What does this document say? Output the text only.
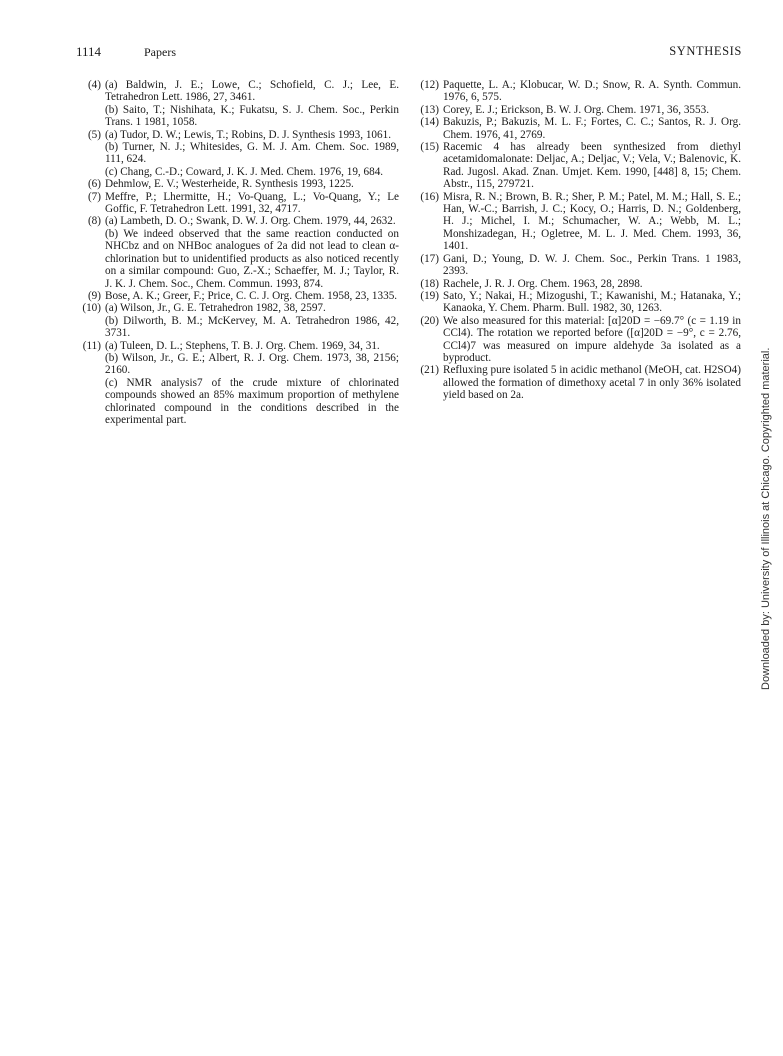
1114	Papers	SYNTHESIS
(4) (a) Baldwin, J. E.; Lowe, C.; Schofield, C. J.; Lee, E. Tetrahedron Lett. 1986, 27, 3461.

(b) Saito, T.; Nishihata, K.; Fukatsu, S. J. Chem. Soc., Perkin Trans. 1 1981, 1058.

(5) (a) Tudor, D. W.; Lewis, T.; Robins, D. J. Synthesis 1993, 1061.

(b) Turner, N. J.; Whitesides, G. M. J. Am. Chem. Soc. 1989, 111, 624.

(c) Chang, C.-D.; Coward, J. K. J. Med. Chem. 1976, 19, 684.

(6) Dehmlow, E. V.; Westerheide, R. Synthesis 1993, 1225.

(7) Meffre, P.; Lhermitte, H.; Vo-Quang, L.; Vo-Quang, Y.; Le Goffic, F. Tetrahedron Lett. 1991, 32, 4717.

(8) (a) Lambeth, D. O.; Swank, D. W. J. Org. Chem. 1979, 44, 2632.

(b) We indeed observed that the same reaction conducted on NHCbz and on NHBoc analogues of 2a did not lead to clean α-chlorination but to unidentified products as also noticed recently on a similar compound: Guo, Z.-X.; Schaeffer, M. J.; Taylor, R. J. K. J. Chem. Soc., Chem. Commun. 1993, 874.

(9) Bose, A. K.; Greer, F.; Price, C. C. J. Org. Chem. 1958, 23, 1335.

(10) (a) Wilson, Jr., G. E. Tetrahedron 1982, 38, 2597.

(b) Dilworth, B. M.; McKervey, M. A. Tetrahedron 1986, 42, 3731.

(11) (a) Tuleen, D. L.; Stephens, T. B. J. Org. Chem. 1969, 34, 31.

(b) Wilson, Jr., G. E.; Albert, R. J. Org. Chem. 1973, 38, 2156; 2160.

(c) NMR analysis7 of the crude mixture of chlorinated compounds showed an 85% maximum proportion of methylene chlorinated compound in the conditions described in the experimental part.

(12) Paquette, L. A.; Klobucar, W. D.; Snow, R. A. Synth. Commun. 1976, 6, 575.

(13) Corey, E. J.; Erickson, B. W. J. Org. Chem. 1971, 36, 3553.

(14) Bakuzis, P.; Bakuzis, M. L. F.; Fortes, C. C.; Santos, R. J. Org. Chem. 1976, 41, 2769.

(15) Racemic 4 has already been synthesized from diethyl acetamidomalonate: Deljac, A.; Deljac, V.; Vela, V.; Balenovic, K. Rad. Jugosl. Akad. Znan. Umjet. Kem. 1990, [448] 8, 15; Chem. Abstr., 115, 279721.

(16) Misra, R. N.; Brown, B. R.; Sher, P. M.; Patel, M. M.; Hall, S. E.; Han, W.-C.; Barrish, J. C.; Kocy, O.; Harris, D. N.; Goldenberg, H. J.; Michel, I. M.; Schumacher, W. A.; Webb, M. L.; Monshizadegan, H.; Ogletree, M. L. J. Med. Chem. 1993, 36, 1401.

(17) Gani, D.; Young, D. W. J. Chem. Soc., Perkin Trans. 1 1983, 2393.

(18) Rachele, J. R. J. Org. Chem. 1963, 28, 2898.

(19) Sato, Y.; Nakai, H.; Mizogushi, T.; Kawanishi, M.; Hatanaka, Y.; Kanaoka, Y. Chem. Pharm. Bull. 1982, 30, 1263.

(20) We also measured for this material: [α]20D = −69.7° (c = 1.19 in CCl4). The rotation we reported before ([α]20D = −9°, c = 2.76, CCl4)7 was measured on impure aldehyde 3a isolated as a byproduct.

(21) Refluxing pure isolated 5 in acidic methanol (MeOH, cat. H2SO4) allowed the formation of dimethoxy acetal 7 in only 36% isolated yield based on 2a.	Downloaded by: University of Illinois at Chicago. Copyrighted material.
